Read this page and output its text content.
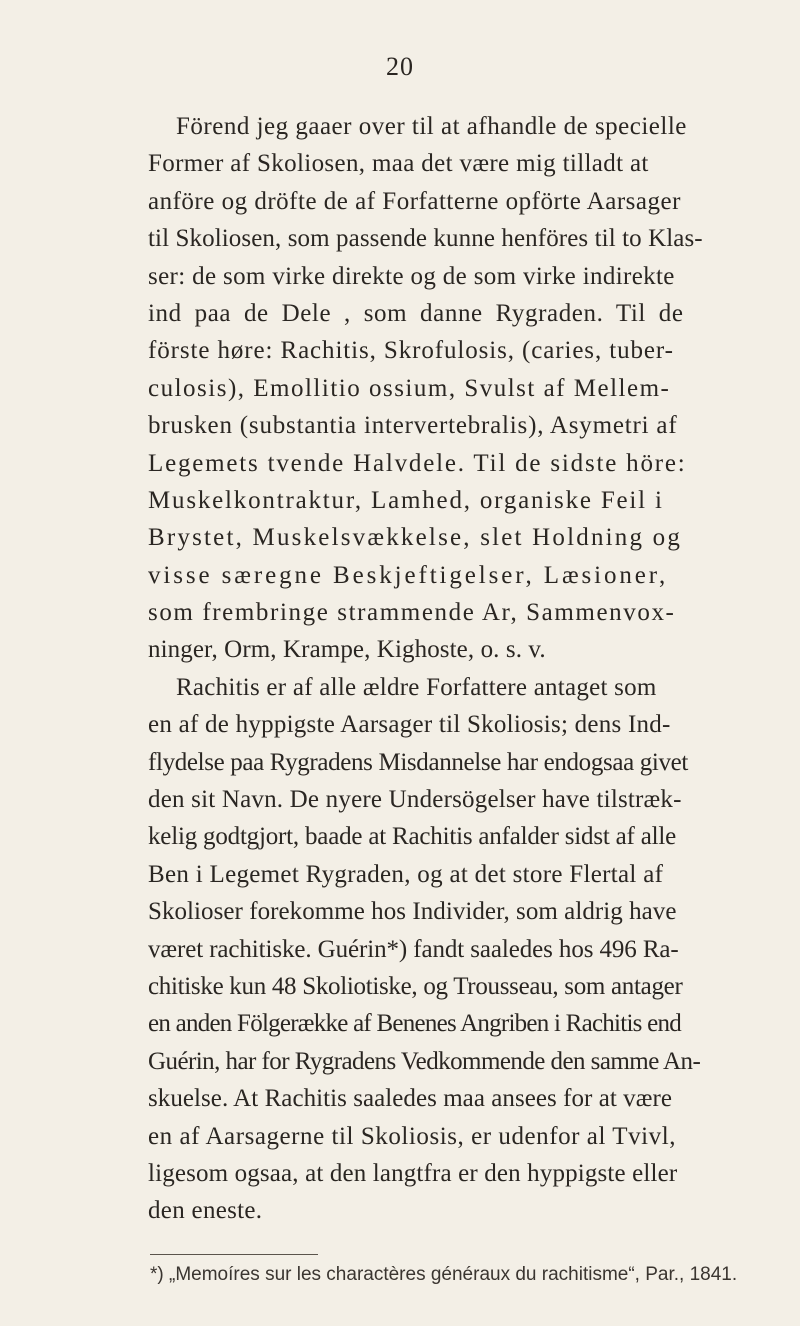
20
Förend jeg gaaer over til at afhandle de specielle
Former af Skoliosen, maa det være mig tilladt at
anföre og dröfte de af Forfatterne opförte Aarsager
til Skoliosen, som passende kunne henföres til to Klas-
ser: de som virke direkte og de som virke indirekte
ind paa de Dele , som danne Rygraden. Til de
förste høre: Rachitis, Skrofulosis, (caries, tuber-
culosis), Emollitio ossium, Svulst af Mellem-
brusken (substantia intervertebralis), Asymetri af
Legemets tvende Halvdele. Til de sidste höre:
Muskelkontraktur, Lamhed, organiske Feil i
Brystet, Muskelsvækkelse, slet Holdning og
visse særegne Beskjeftigelser, Læsioner,
som frembringe strammende Ar, Sammenvox-
ninger, Orm, Krampe, Kighoste, o. s. v.
Rachitis er af alle ældre Forfattere antaget som
en af de hyppigste Aarsager til Skoliosis; dens Ind-
flydelse paa Rygradens Misdannelse har endogsaa givet
den sit Navn. De nyere Undersögelser have tilstræk-
kelig godtgjort, baade at Rachitis anfalder sidst af alle
Ben i Legemet Rygraden, og at det store Flertal af
Skolioser forekomme hos Individer, som aldrig have
været rachitiske. Guérin*) fandt saaledes hos 496 Ra-
chitiske kun 48 Skoliotiske, og Trousseau, som antager
en anden Fölgerække af Benenes Angriben i Rachitis end
Guérin, har for Rygradens Vedkommende den samme An-
skuelse. At Rachitis saaledes maa ansees for at være
en af Aarsagerne til Skoliosis, er udenfor al Tvivl,
ligesom ogsaa, at den langtfra er den hyppigste eller
den eneste.
*) „Memoíres sur les charactères généraux du rachitisme“, Par., 1841.
